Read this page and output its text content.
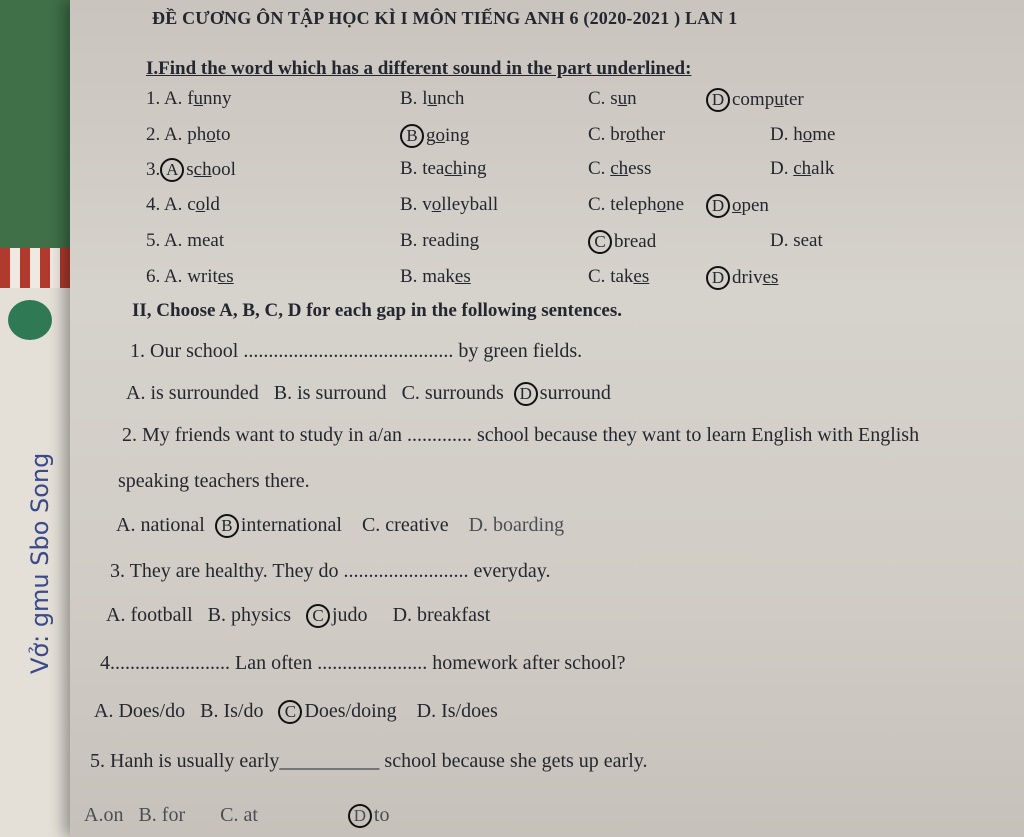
Vở: gmu Sbo Song
ĐỀ CƯƠNG ÔN TẬP HỌC KÌ I MÔN TIẾNG ANH 6 (2020-2021 ) LAN 1
I.Find the word which has a different sound in the part underlined:
1. A. funny	B. lunch	C. sun	D computer
2. A. photo	B going	C. brother	D. home
3. A school	B. teaching	C. chess	D. chalk
4. A. cold	B. volleyball	C. telephone	D open
5. A. meat	B. reading	C bread	D. seat
6. A. writes	B. makes	C. takes	D drives
II, Choose A, B, C, D for each gap in the following sentences.
1. Our school .......................................... by green fields.
A. is surrounded B. is surround C. surrounds D surround
2. My friends want to study in a/an ............. school because they want to learn English with English
speaking teachers there.
A. national B international C. creative D. boarding
3. They are healthy. They do ......................... everyday.
A. football B. physics C judo D. breakfast
4........................ Lan often ...................... homework after school?
A. Does/do B. Is/do C Does/doing D. Is/does
5. Hanh is usually early__________ school because she gets up early.
A.on B. for C. at	D to
